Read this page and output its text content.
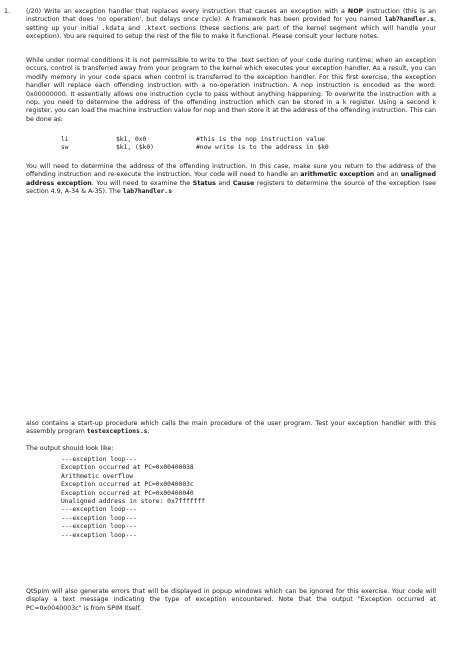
1.	(/20) Write an exception handler that replaces every instruction that causes an exception with a NOP instruction (this is an instruction that does 'no operation', but delays once cycle). A framework has been provided for you named lab7handler.s, setting up your initial .kdata and .ktext sections (these sections are part of the kernel segment which will handle your exception). You are required to setup the rest of the file to make it functional. Please consult your lecture notes.
While under normal conditions it is not permissible to write to the .text section of your code during runtime; when an exception occurs, control is transferred away from your program to the kernel which executes your exception handler. As a result, you can modify memory in your code space when control is transferred to the exception handler. For this first exercise, the exception handler will replace each offending instruction with a no-operation instruction. A nop instruction is encoded as the word: 0x00000000. It essentially allows one instruction cycle to pass without anything happening. To overwrite the instruction with a nop, you need to determine the address of the offending instruction which can be stored in a k register. Using a second k register, you can load the machine instruction value for nop and then store it at the address of the offending instruction. This can be done as:
li	$k1, 0x0	#this is the nop instruction value
sw	$k1, ($k0)	#now write is to the address in $k0
You will need to determine the address of the offending instruction. In this case, make sure you return to the address of the offending instruction and re-execute the instruction. Your code will need to handle an arithmetic exception and an unaligned address exception. You will need to examine the Status and Cause registers to determine the source of the exception (see section 4.9, A-34 & A-35). The lab7handler.s
also contains a start-up procedure which calls the main procedure of the user program. Test your exception handler with this assembly program testexceptions.s.
The output should look like:
---exception loop---
Exception occurred at PC=0x00400038
Arithmetic overflow
Exception occurred at PC=0x0040003c
Exception occurred at PC=0x00400040
Unaligned address in store: 0x7fffffff
---exception loop---
---exception loop---
---exception loop---
---exception loop---
QtSpim will also generate errors that will be displayed in popup windows which can be ignored for this exercise. Your code will display a text message indicating the type of exception encountered. Note that the output "Exception occurred at PC=0x0040003c" is from SPIM itself.
